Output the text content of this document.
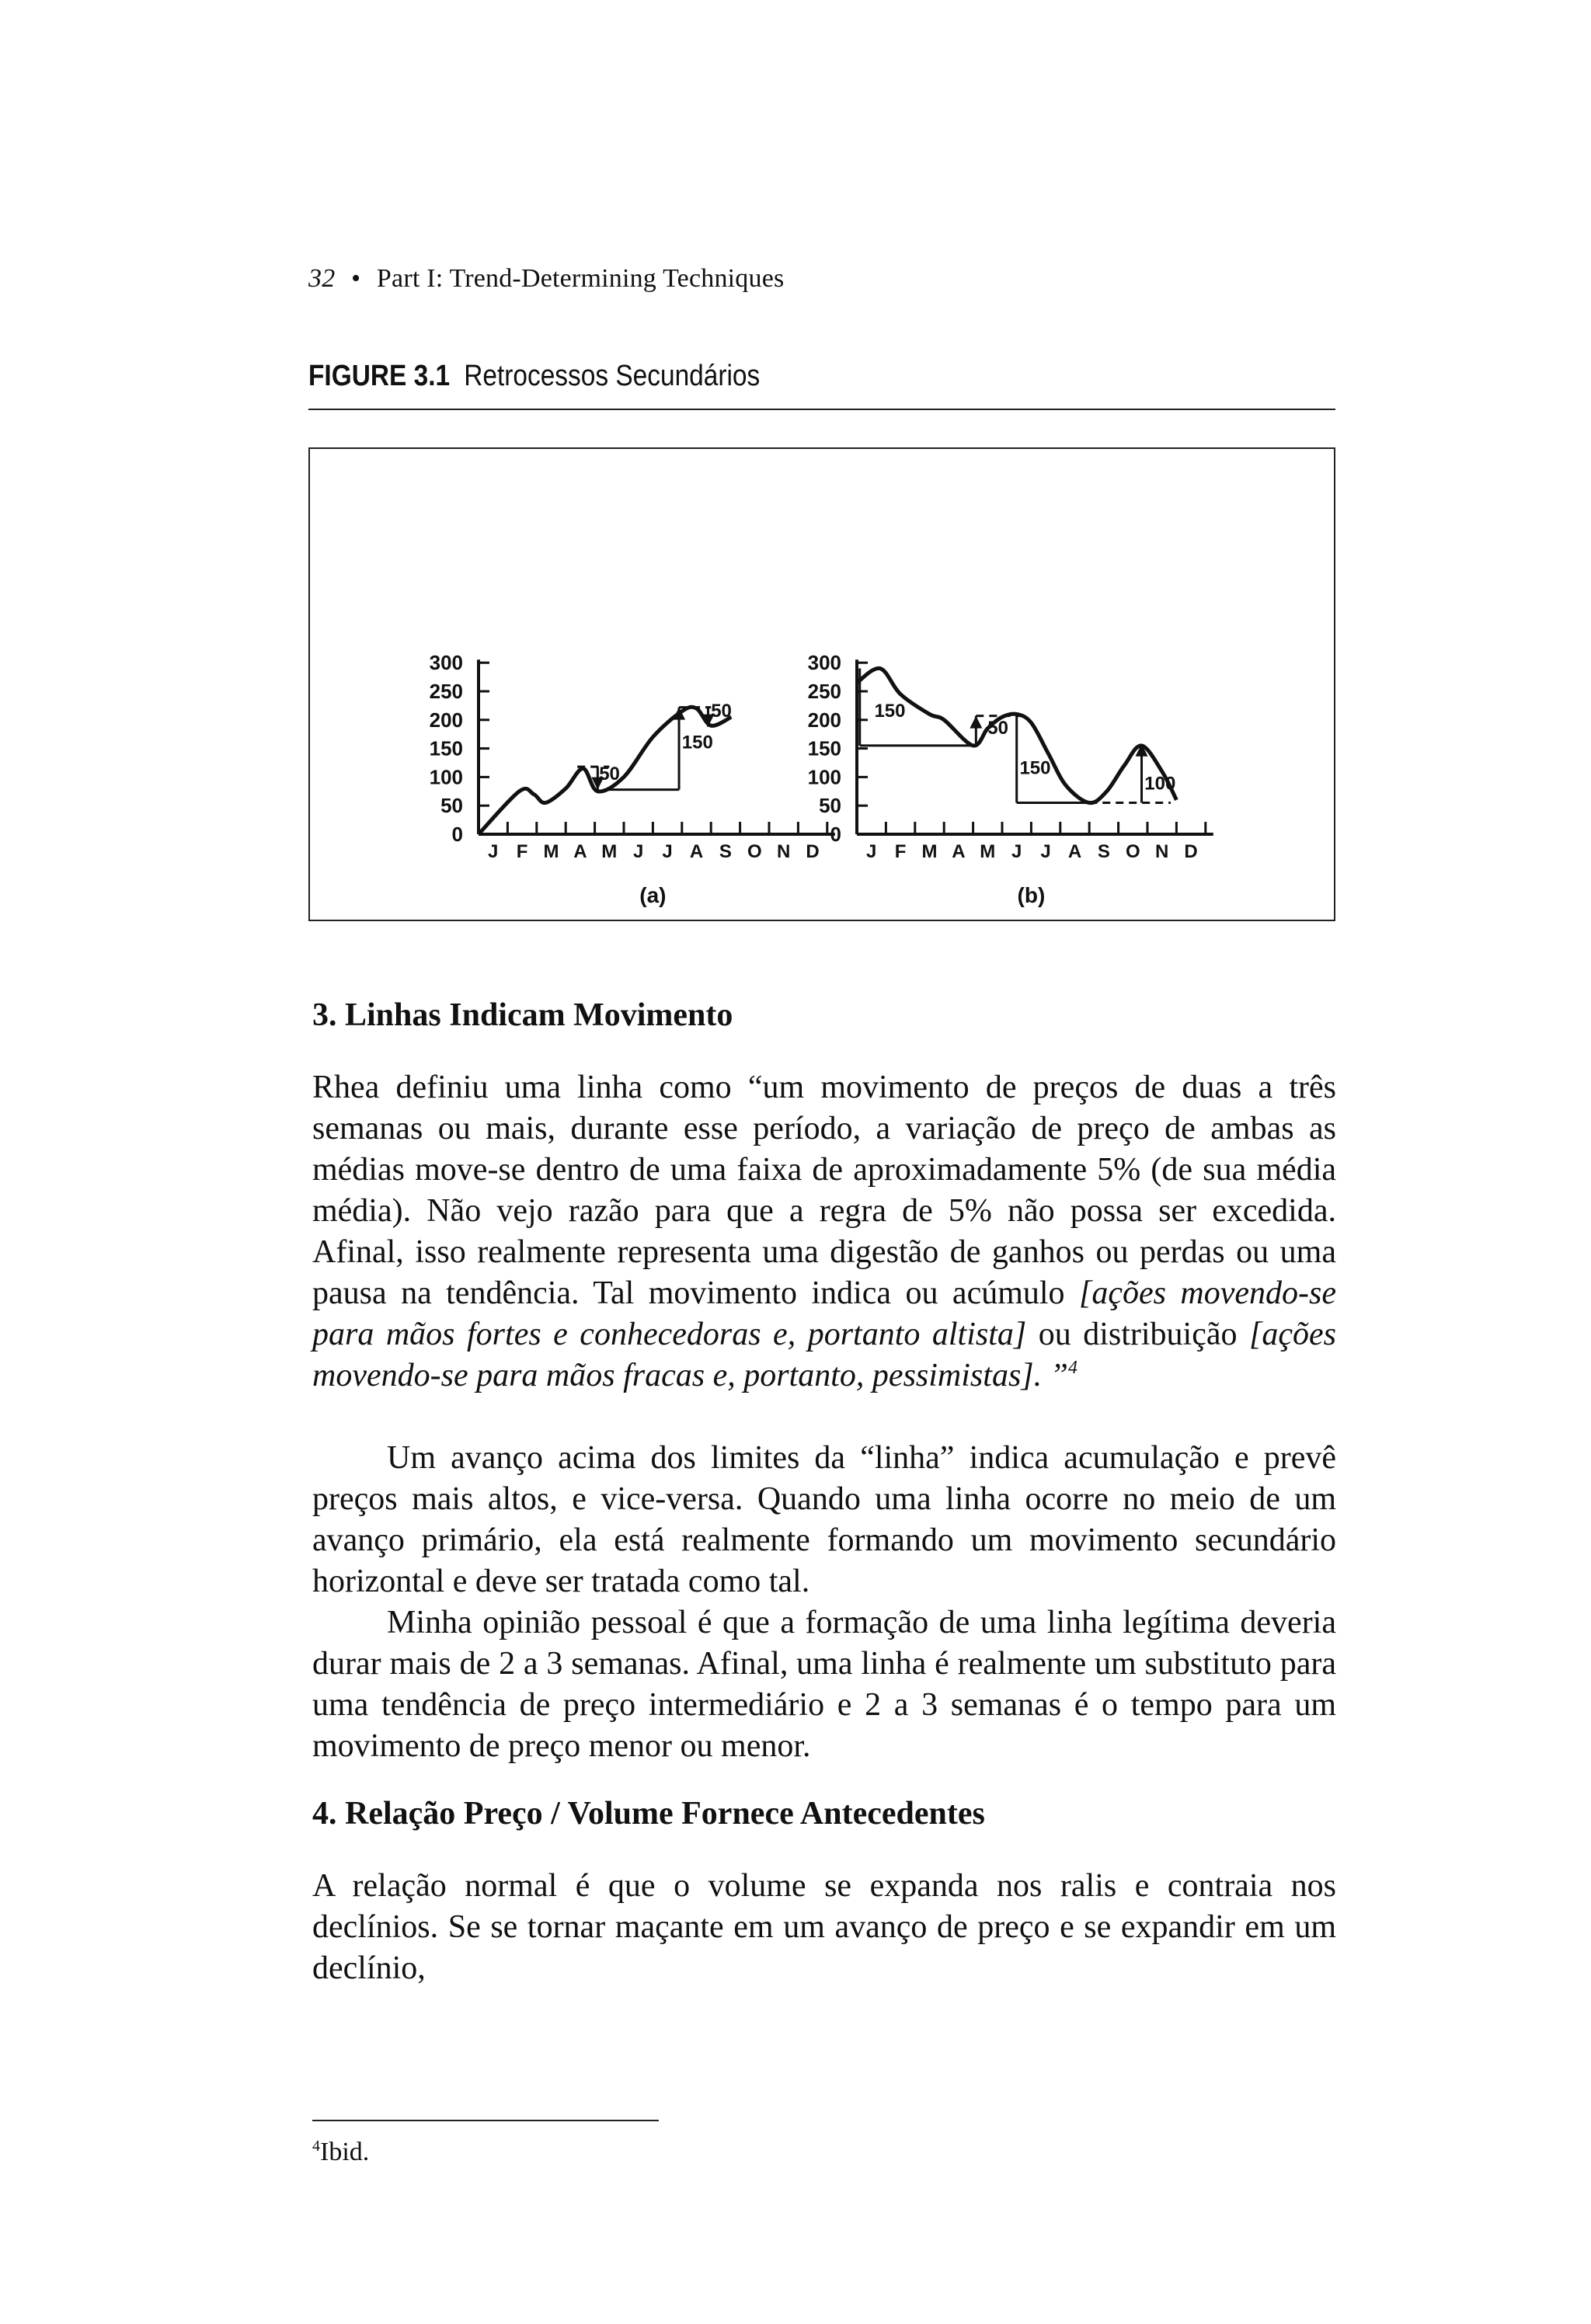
32 • Part I: Trend-Determining Techniques
FIGURE 3.1 Retrocessos Secundários
0
50
100
150
200
250
300
J F M A M J J A S O N D
(a)
0
50
100
150
200
250
300
J F M A M J J A S O N D
(b)
50
150
50	150
50
150
100
3. Linhas Indicam Movimento
Rhea definiu uma linha como “um movimento de preços de duas a três semanas ou mais, durante esse período, a variação de preço de ambas as médias move-se dentro de uma faixa de aproximadamente 5% (de sua média média). Não vejo razão para que a regra de 5% não possa ser excedida. Afinal, isso realmente representa uma digestão de ganhos ou perdas ou uma pausa na tendência. Tal movimento indica ou acúmulo [ações movendo-se para mãos fortes e conhecedoras e, portanto altista] ou distribuição [ações movendo-se para mãos fracas e, portanto, pessimistas]. ”$^4$
Um avanço acima dos limites da “linha” indica acumulação e prevê preços mais altos, e vice-versa. Quando uma linha ocorre no meio de um avanço primário, ela está realmente formando um movimento secundário horizontal e deve ser tratada como tal.
Minha opinião pessoal é que a formação de uma linha legítima deveria durar mais de 2 a 3 semanas. Afinal, uma linha é realmente um substituto para uma tendência de preço intermediário e 2 a 3 semanas é o tempo para um movimento de preço menor ou menor.
4. Relação Preço / Volume Fornece Antecedentes
A relação normal é que o volume se expanda nos ralis e contraia nos declínios. Se se tornar maçante em um avanço de preço e se expandir em um declínio,
$^4$Ibid.
